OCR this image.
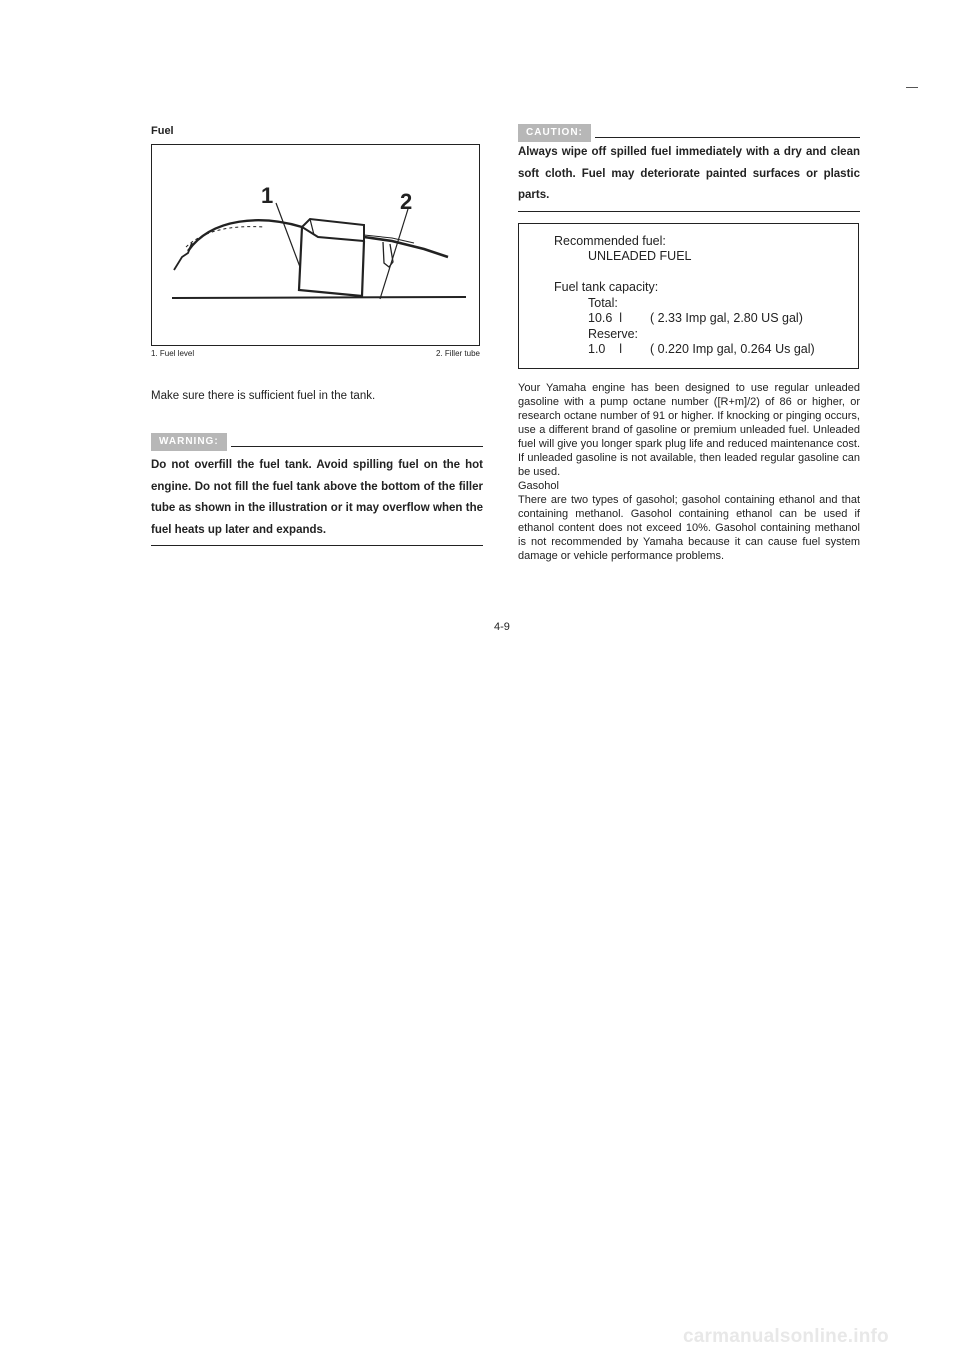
Fuel
1	2
1. Fuel level	2. Filler tube
Make sure there is sufficient fuel in the tank.
WARNING:
Do not overfill the fuel tank. Avoid spilling fuel on the hot engine. Do not fill the fuel tank above the bottom of the filler tube as shown in the illustration or it may overflow when the fuel heats up later and expands.
CAUTION:
Always wipe off spilled fuel immediately with a dry and clean soft cloth. Fuel may deteriorate painted surfaces or plastic parts.
Recommended fuel:
UNLEADED FUEL
Fuel tank capacity:
Total:
10.6  l	( 2.33 Imp gal, 2.80 US gal)
Reserve:
1.0    l	( 0.220 Imp gal, 0.264 Us gal)
Your Yamaha engine has been designed to use regular unleaded gasoline with a pump octane number ([R+m]/2) of 86 or higher, or research octane number of 91 or higher. If knocking or pinging occurs, use a different brand of gasoline or premium unleaded fuel. Unleaded fuel will give you longer spark plug life and reduced maintenance cost. If unleaded gasoline is not available, then leaded regular gasoline can be used.
Gasohol
There are two types of gasohol; gasohol containing ethanol and that containing methanol. Gasohol containing ethanol can be used if ethanol content does not exceed 10%. Gasohol containing methanol is not recommended by Yamaha because it can cause fuel system damage or vehicle performance problems.
4-9
carmanualsonline.info
